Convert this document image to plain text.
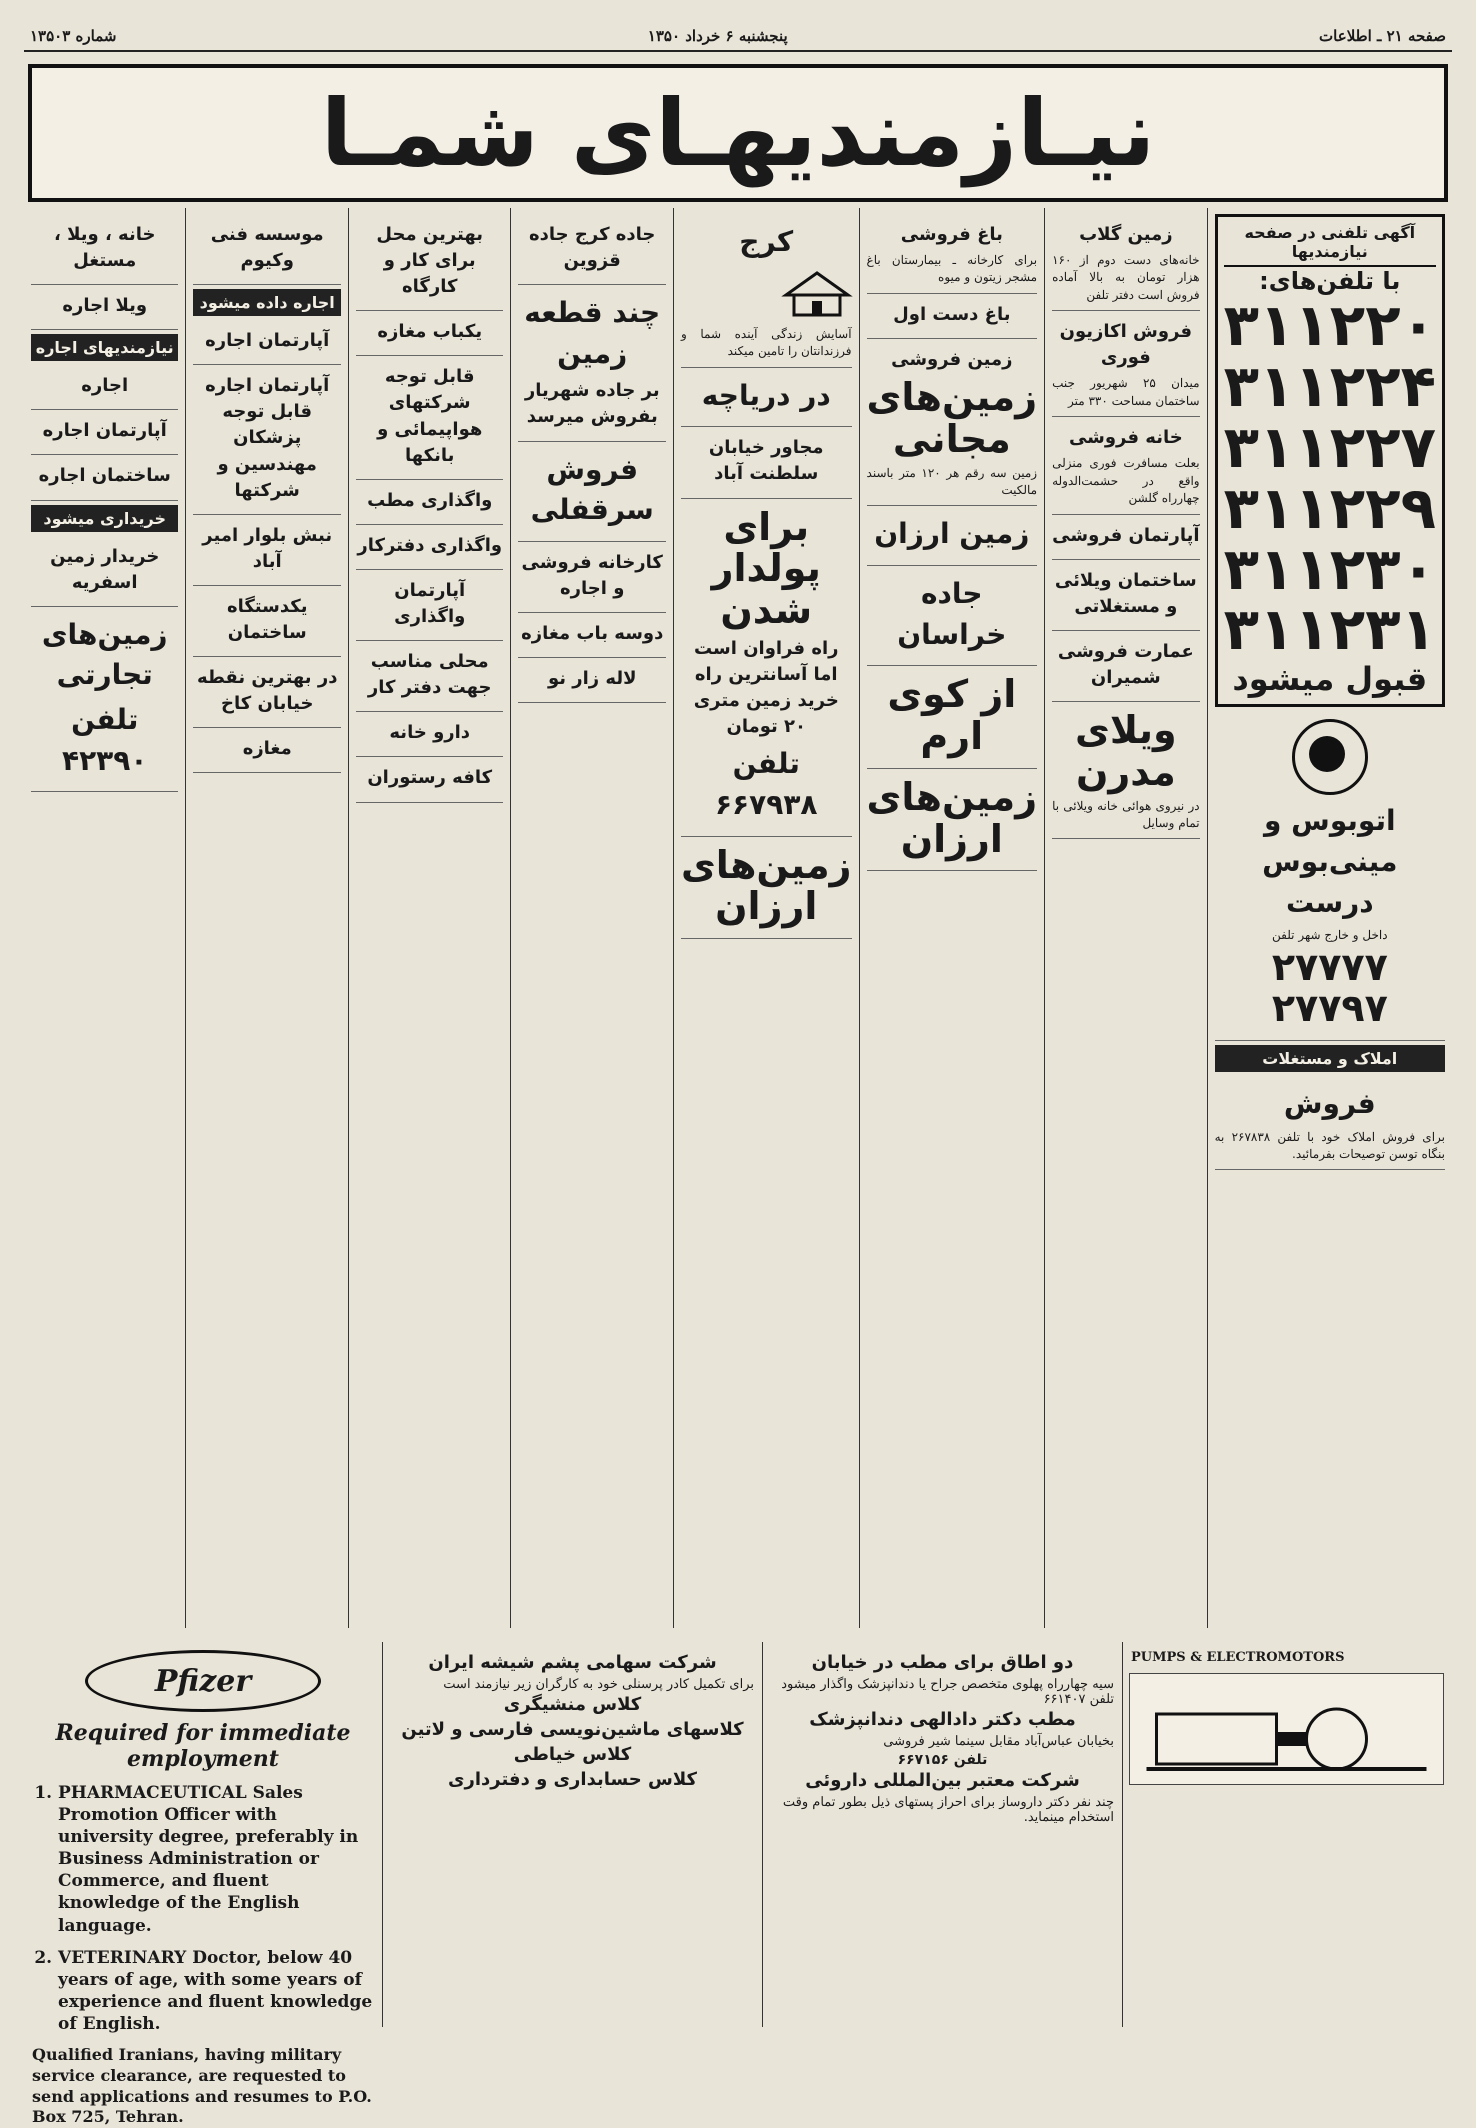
صفحه ۲۱ ـ اطلاعات
پنجشنبه ۶ خرداد ۱۳۵۰
شماره ۱۳۵۰۳
نیـازمندیهـای شمـا
آگهی تلفنی در صفحه نیازمندیها
با تلفن‌های:
۳۱۱۲۲۰
۳۱۱۲۲۴
۳۱۱۲۲۷
۳۱۱۲۲۹
۳۱۱۲۳۰
۳۱۱۲۳۱
قبول میشود
اتوبوس و مینی‌بوس درست
داخل و خارج شهر تلفن
۲۷۷۷۷ ۲۷۷۹۷
املاک و مستغلات
فروش
برای فروش املاک خود با تلفن ۲۶۷۸۳۸ به بنگاه توسن توصیحات بفرمائید.
زمین گلاب
خانه‌های دست دوم از ۱۶۰ هزار تومان به بالا آماده فروش است دفتر تلفن
فروش اکازیون فوری
میدان ۲۵ شهریور جنب ساختمان مساحت ۳۳۰ متر
خانه فروشی
بعلت مسافرت فوری منزلی واقع در حشمت‌الدوله چهارراه گلشن
آپارتمان فروشی
ساختمان ویلائی و مستغلاتی
عمارت فروشی شمیران
ویلای مدرن
در نیروی هوائی خانه ویلائی با تمام وسایل
باغ فروشی
برای کارخانه ـ بیمارستان باغ مشجر زیتون و میوه
باغ دست اول
زمین فروشی
زمین‌های مجانی
زمین سه رقم هر ۱۲۰ متر باسند مالکیت
زمین ارزان
جاده خراسان
از کوی ارم
زمین‌های ارزان
کرج
آسایش زندگی آینده شما و فرزندانتان را تامین میکند
در دریاچه
مجاور خیابان سلطنت آباد
برای پولدار شدن
راه فراوان است اما آسانترین راه خرید زمین متری ۲۰ تومان
تلفن ۶۶۷۹۳۸
زمین‌های ارزان
جاده کرج جاده قزوین
چند قطعه زمین
بر جاده شهریار بفروش میرسد
فروش سرقفلی
کارخانه فروشی و اجاره
دوسه باب مغازه
لاله زار نو
بهترین محل برای کار و کارگاه
یکباب مغازه
قابل توجه شرکتهای هواپیمائی و بانکها
واگذاری مطب
واگذاری دفترکار
آپارتمان واگذاری
محلی مناسب جهت دفتر کار
دارو خانه
کافه رستوران
موسسه فنی وکیوم
اجاره داده میشود
آپارتمان اجاره
آپارتمان اجاره قابل توجه پزشکان مهندسین و شرکتها
نبش بلوار امیر آباد
یکدستگاه ساختمان
در بهترین نقطه خیابان کاخ
مغازه
خانه ، ویلا ، مستغل
ویلا اجاره
نیازمندیهای اجاره
اجاره
آپارتمان اجاره
ساختمان اجاره
خریداری میشود
خریدار زمین اسفریه
زمین‌های تجارتی
تلفن ۴۲۳۹۰
PUMPS & ELECTROMOTORS
دو اطاق برای مطب در خیابان
سیه چهارراه پهلوی متخصص جراح یا دندانپزشک واگذار میشود تلفن ۶۶۱۴۰۷
مطب دکتر دادالهی دندانپزشک
بخیابان عباس‌آباد مقابل سینما شیر فروشی
تلفن ۶۶۷۱۵۶
شرکت معتبر بین‌المللی داروئی
چند نفر دکتر داروساز برای احراز پستهای ذیل بطور تمام وقت استخدام مینماید.
شرکت سهامی پشم شیشه ایران
برای تکمیل کادر پرسنلی خود به کارگران زیر نیازمند است
کلاس منشیگری
کلاسهای ماشین‌نویسی فارسی و لاتین
کلاس خیاطی
کلاس حسابداری و دفترداری
Pfizer
Required for immediate employment
1. PHARMACEUTICAL Sales Promotion Officer with university degree, preferably in Business Administration or Commerce, and fluent knowledge of the English language.
2. VETERINARY Doctor, below 40 years of age, with some years of experience and fluent knowledge of English.

Qualified Iranians, having military service clearance, are requested to send applications and resumes to P.O. Box 725, Tehran.
